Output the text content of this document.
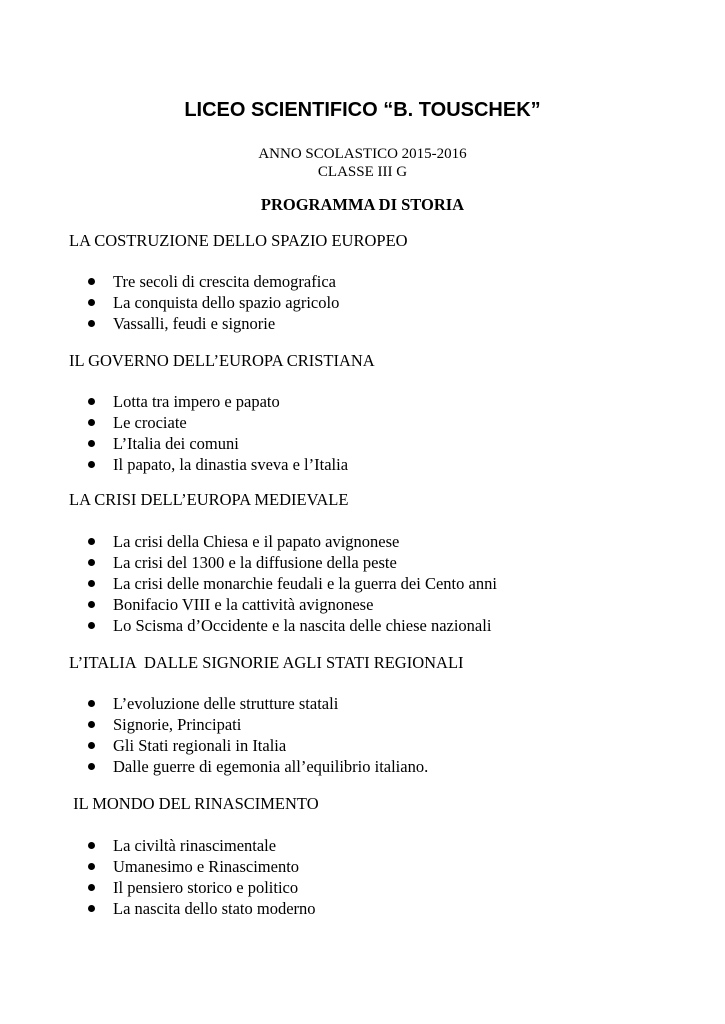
LICEO SCIENTIFICO “B. TOUSCHEK”
ANNO SCOLASTICO 2015-2016
CLASSE III G
PROGRAMMA DI STORIA
LA COSTRUZIONE DELLO SPAZIO EUROPEO
Tre secoli di crescita demografica
La conquista dello spazio agricolo
Vassalli, feudi e signorie
IL GOVERNO DELL’EUROPA CRISTIANA
Lotta tra impero e papato
Le crociate
L’Italia dei comuni
Il papato, la dinastia sveva e l’Italia
LA CRISI DELL’EUROPA MEDIEVALE
La crisi della Chiesa e il papato avignonese
La crisi del 1300 e la diffusione della peste
La crisi delle monarchie feudali e la guerra dei Cento anni
Bonifacio VIII e la cattività avignonese
Lo Scisma d’Occidente e la nascita delle chiese nazionali
L’ITALIA  DALLE SIGNORIE AGLI STATI REGIONALI
L’evoluzione delle strutture statali
Signorie, Principati
Gli Stati regionali in Italia
Dalle guerre di egemonia all’equilibrio italiano.
IL MONDO DEL RINASCIMENTO
La civiltà rinascimentale
Umanesimo e Rinascimento
Il pensiero storico e politico
La nascita dello stato moderno
